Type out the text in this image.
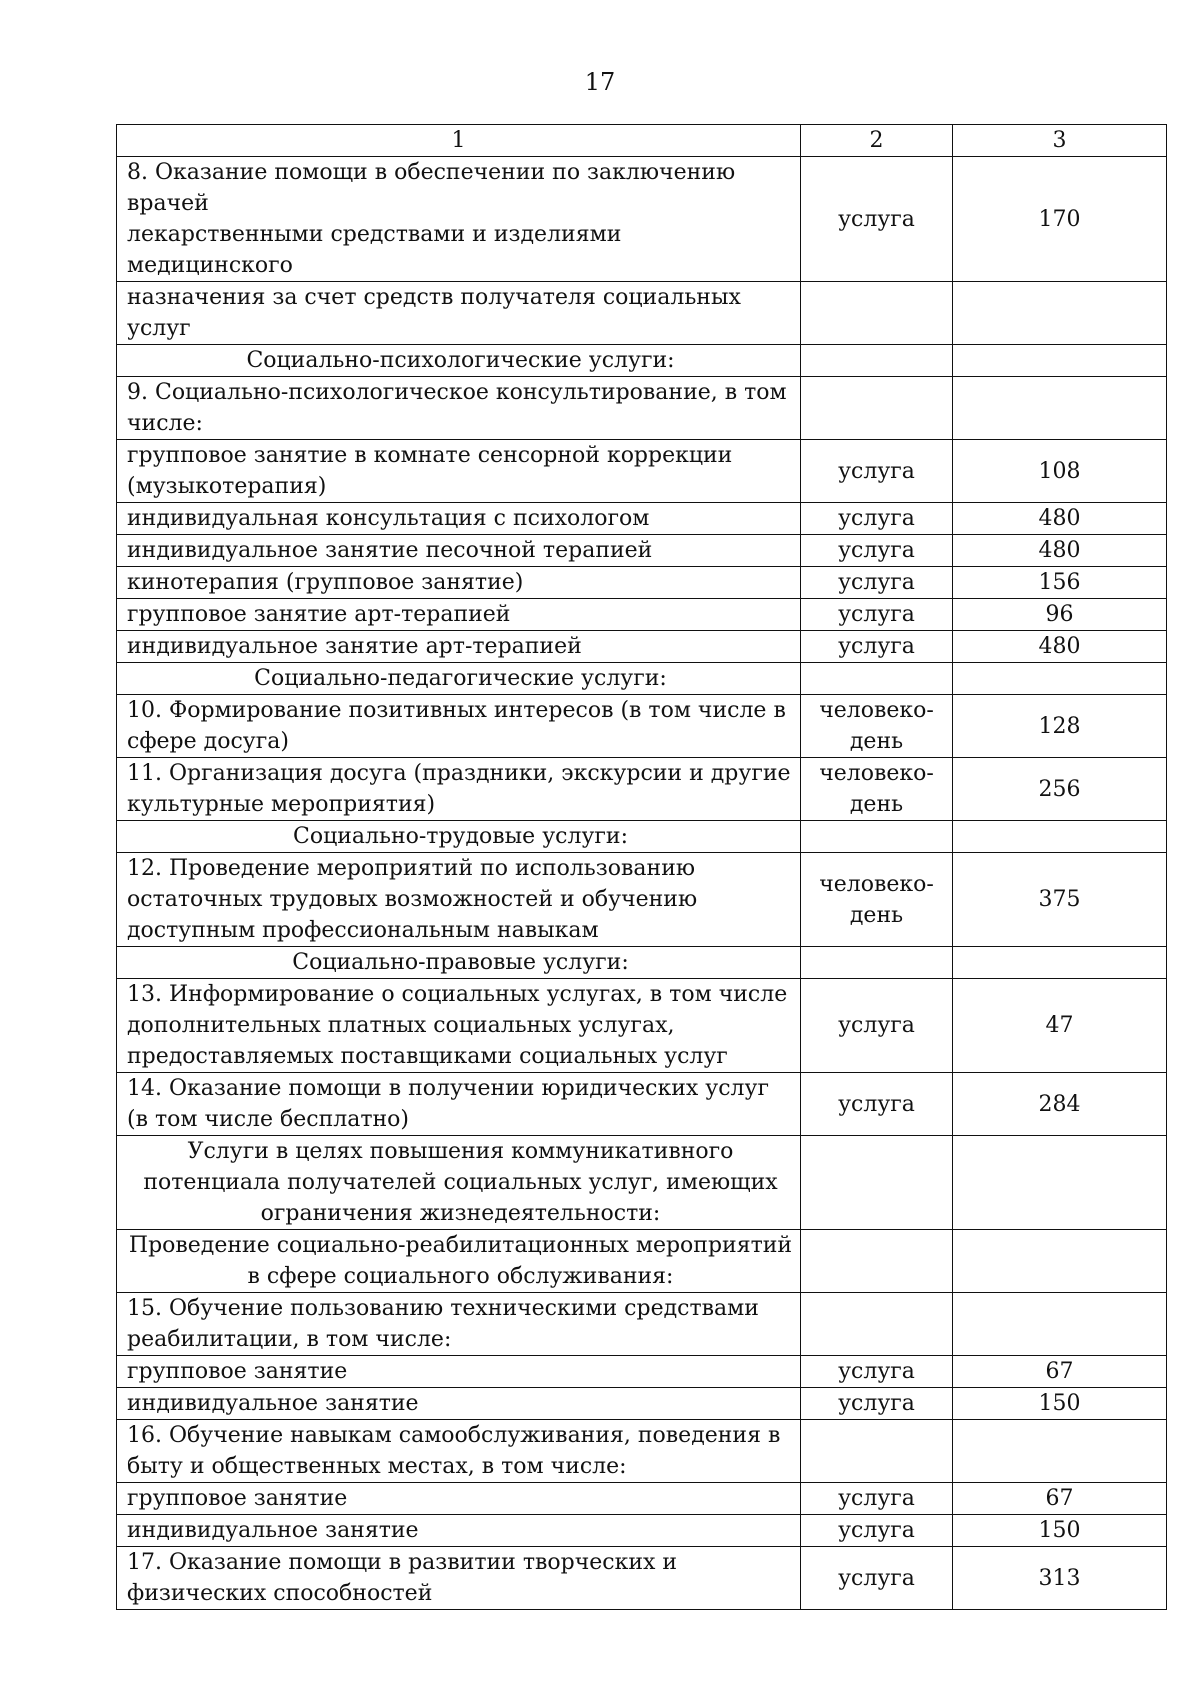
17
1	2	3

8. Оказание помощи в обеспечении по заключению врачей
лекарственными средствами и изделиями медицинского	услуга	170
назначения за счет средств получателя социальных услуг		
Социально-психологические услуги:		
9. Социально-психологическое консультирование, в том числе:		
групповое занятие в комнате сенсорной коррекции (музыкотерапия)	услуга	108
индивидуальная консультация с психологом	услуга	480
индивидуальное занятие песочной терапией	услуга	480
кинотерапия (групповое занятие)	услуга	156
групповое занятие арт-терапией	услуга	96
индивидуальное занятие арт-терапией	услуга	480
Социально-педагогические услуги:		
10. Формирование позитивных интересов (в том числе в сфере досуга)	человеко-день	128
11. Организация досуга (праздники, экскурсии и другие культурные мероприятия)	человеко-день	256
Социально-трудовые услуги:		
12. Проведение мероприятий по использованию остаточных трудовых возможностей и обучению доступным профессиональным навыкам	человеко-день	375
Социально-правовые услуги:		
13. Информирование о социальных услугах, в том числе дополнительных платных социальных услугах, предоставляемых поставщиками социальных услуг	услуга	47
14. Оказание помощи в получении юридических услуг (в том числе бесплатно)	услуга	284
Услуги в целях повышения коммуникативного потенциала получателей социальных услуг, имеющих ограничения жизнедеятельности:		
Проведение социально-реабилитационных мероприятий в сфере социального обслуживания:		
15. Обучение пользованию техническими средствами реабилитации, в том числе:		
групповое занятие	услуга	67
индивидуальное занятие	услуга	150
16. Обучение навыкам самообслуживания, поведения в быту и общественных местах, в том числе:		
групповое занятие	услуга	67
индивидуальное занятие	услуга	150
17. Оказание помощи в развитии творческих и физических способностей	услуга	313
